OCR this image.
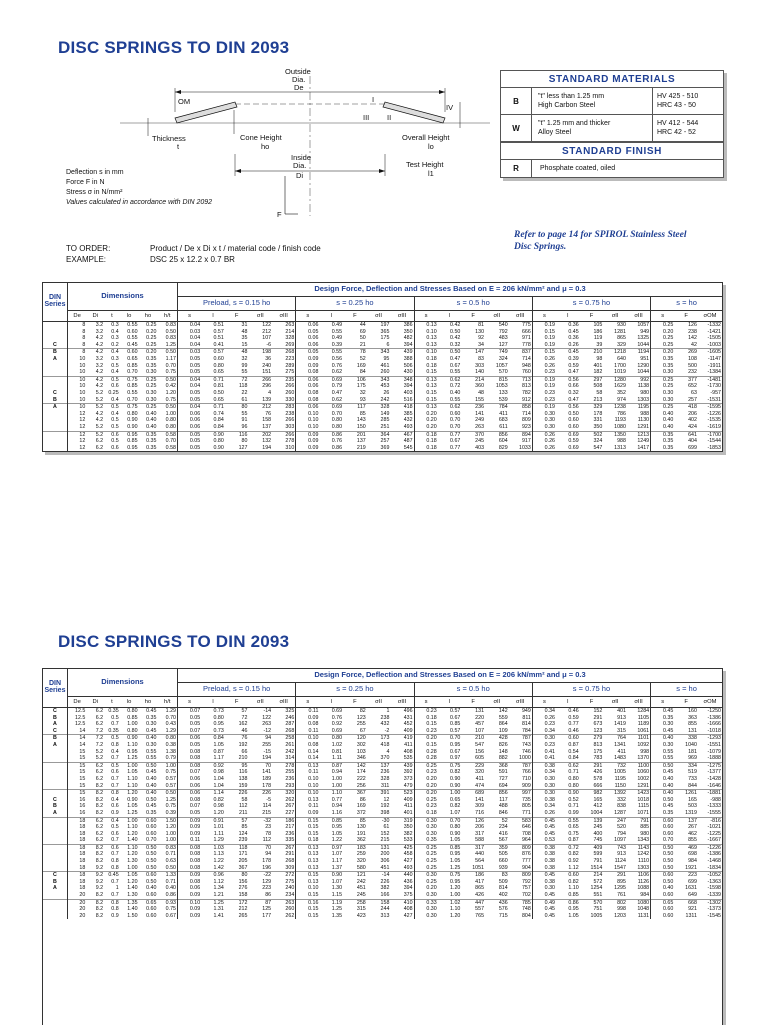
DISC SPRINGS TO DIN 2093
Outside
Dia.
De
OM	I
II
III
IV
Thickness
t
Cone Height
ho
Inside
Dia.
Di
Overall Height
lo
Test Height
l1
F
Deflection s in mm
Force F in N
Stress σ in N/mm²
Values calculated in accordance with DIN 2092
TO ORDER:	Product / De x Di x t / material code / finish code
EXAMPLE:	DSC 25 x 12.2 x 0.7 BR
STANDARD MATERIALS
B	"t" less than 1.25 mm
High Carbon Steel
HV 425 - 510
HRC 43 - 50
W	"t" 1.25 mm and thicker
Alloy Steel
HV 412 - 544
HRC 42 - 52
STANDARD FINISH
R	Phosphate coated, oiled
Refer to page 14 for SPIROL Stainless Steel
Disc Springs.
DIN
Series	Dimensions						Design Force, Deflection and Stresses Based on E = 206 kN/mm² and μ = 0.3																						
							Preload, s = 0.15 ho					s = 0.25 ho					s = 0.5 ho					s = 0.75 ho					s = ho		
	De	Di	t	lo	ho	h/t	s	l	F	σII	σIII	s	l	F	σII	σIII	s	l	F	σII	σIII	s	l	F	σII	σIII	s	F	σOM
	8	3.2	0.3	0.55	0.25	0.83	0.04	0.51	31	122	263	0.06	0.49	44	197	386	0.13	0.42	81	540	775	0.19	0.36	105	930	1057	0.25	126	-1332
	8	3.2	0.4	0.60	0.20	0.50	0.03	0.57	48	212	214	0.05	0.55	69	365	350	0.10	0.50	130	792	666	0.15	0.45	186	1281	949	0.20	238	-1421
	8	4.2	0.3	0.55	0.25	0.83	0.04	0.51	35	107	328	0.06	0.49	50	175	482	0.13	0.42	92	483	971	0.19	0.36	119	865	1325	0.25	142	-1505
C	8	4.2	0.2	0.45	0.25	1.25	0.04	0.41	15	-6	269	0.06	0.39	21	6	394	0.13	0.32	34	127	778	0.19	0.26	39	329	1044	0.25	42	-1003
B	8	4.2	0.4	0.60	0.20	0.50	0.03	0.57	48	198	268	0.05	0.55	78	343	439	0.10	0.50	147	749	837	0.15	0.45	210	1218	1194	0.20	269	-1605
A	10	3.2	0.3	0.65	0.35	1.17	0.05	0.60	32	36	223	0.09	0.56	52	95	388	0.18	0.47	83	324	714	0.26	0.39	98	640	951	0.35	108	-1147
	10	3.2	0.5	0.85	0.35	0.70	0.05	0.80	99	240	289	0.09	0.76	169	461	506	0.18	0.67	303	1057	948	0.26	0.59	401	1700	1290	0.35	500	-1911
	10	4.2	0.4	0.70	0.30	0.75	0.05	0.65	55	151	275	0.08	0.62	84	260	430	0.15	0.55	140	570	760	0.23	0.47	182	1019	1044	0.30	232	-1384
	10	4.2	0.5	0.75	0.25	0.50	0.04	0.71	72	266	235	0.06	0.69	106	343	348	0.13	0.62	214	815	713	0.19	0.56	297	1280	992	0.25	377	-1481
	10	4.2	0.6	0.85	0.25	0.42	0.04	0.81	118	296	266	0.06	0.79	175	453	394	0.13	0.72	360	1053	813	0.19	0.66	508	1629	1138	0.25	652	-1730
C	10	5.2	0.25	0.55	0.30	1.20	0.05	0.50	22	4	260	0.08	0.47	32	26	403	0.15	0.40	48	133	782	0.23	0.32	58	352	980	0.30	63	-957
B	10	5.2	0.4	0.70	0.30	0.75	0.05	0.65	61	139	330	0.08	0.62	93	242	516	0.15	0.55	155	539	912	0.23	0.47	213	974	1303	0.30	257	-1531
A	10	5.2	0.5	0.75	0.25	0.50	0.04	0.71	80	212	283	0.06	0.69	117	328	418	0.13	0.62	236	784	858	0.19	0.56	329	1238	1195	0.25	418	-1595
	12	4.2	0.4	0.80	0.40	1.00	0.06	0.74	55	76	238	0.10	0.70	85	149	385	0.20	0.60	141	411	714	0.30	0.50	178	786	988	0.40	206	-1226
	12	4.2	0.5	0.90	0.40	0.80	0.06	0.84	91	158	266	0.10	0.80	143	285	432	0.20	0.70	249	683	809	0.30	0.60	331	1193	1130	0.40	402	-1535
	12	5.2	0.5	0.90	0.40	0.80	0.06	0.84	96	137	303	0.10	0.80	150	251	493	0.20	0.70	263	611	923	0.30	0.60	350	1080	1291	0.40	424	-1619
	12	5.2	0.6	0.95	0.35	0.58	0.05	0.90	116	202	266	0.09	0.86	201	364	467	0.18	0.77	370	856	894	0.26	0.69	502	1350	1213	0.35	641	-1700
	12	6.2	0.5	0.85	0.35	0.70	0.05	0.80	80	132	278	0.09	0.76	137	257	487	0.18	0.67	245	604	917	0.26	0.59	324	988	1249	0.35	404	-1544
	12	6.2	0.6	0.95	0.35	0.58	0.05	0.90	127	194	310	0.09	0.86	219	369	545	0.18	0.77	403	829	1033	0.26	0.69	547	1313	1417	0.35	699	-1853
DISC SPRINGS TO DIN 2093
DIN
Series	Dimensions						Design Force, Deflection and Stresses Based on E = 206 kN/mm² and μ = 0.3																						
							Preload, s = 0.15 ho					s = 0.25 ho					s = 0.5 ho					s = 0.75 ho					s = ho		
	De	Di	t	lo	ho	h/t	s	l	F	σII	σIII	s	l	F	σII	σIII	s	l	F	σII	σIII	s	l	F	σII	σIII	s	F	σOM
C	12.5	6.2	0.35	0.80	0.45	1.29	0.07	0.73	57	-14	325	0.11	0.69	82	1	496	0.23	0.57	131	142	949	0.34	0.46	152	401	1284	0.45	160	-1250
B	12.5	6.2	0.5	0.85	0.35	0.70	0.05	0.80	72	122	246	0.09	0.76	123	238	431	0.18	0.67	220	559	811	0.26	0.59	291	913	1105	0.35	363	-1386
A	12.5	6.2	0.7	1.00	0.30	0.43	0.05	0.95	162	263	287	0.08	0.92	255	432	452	0.15	0.85	457	864	814	0.23	0.77	673	1419	1189	0.30	855	-1666
C	14	7.2	0.35	0.80	0.45	1.29	0.07	0.73	46	-12	268	0.11	0.69	67	-2	409	0.23	0.57	107	109	784	0.34	0.46	123	315	1061	0.45	131	-1018
B	14	7.2	0.5	0.90	0.40	0.80	0.06	0.84	76	94	258	0.10	0.80	120	173	419	0.20	0.70	210	428	787	0.30	0.60	279	764	1101	0.40	338	-1293
A	14	7.2	0.8	1.10	0.30	0.38	0.05	1.05	192	255	261	0.08	1.02	302	418	411	0.15	0.95	547	826	743	0.23	0.87	813	1341	1092	0.30	1040	-1551
	15	5.2	0.4	0.95	0.55	1.38	0.08	0.87	66	-15	242	0.14	0.81	103	4	408	0.28	0.67	156	148	746	0.41	0.54	175	411	998	0.55	181	-1079
	15	5.2	0.7	1.25	0.55	0.79	0.08	1.17	210	194	314	0.14	1.11	346	370	535	0.28	0.97	605	882	1000	0.41	0.84	783	1483	1370	0.55	969	-1888
	15	6.2	0.5	1.00	0.50	1.00	0.08	0.92	95	70	278	0.13	0.87	142	137	439	0.25	0.75	229	368	787	0.38	0.62	291	732	1100	0.50	334	-1275
	15	6.2	0.6	1.05	0.45	0.75	0.07	0.98	116	141	255	0.11	0.94	174	236	392	0.23	0.82	320	591	766	0.34	0.71	426	1005	1060	0.45	519	-1377
	15	6.2	0.7	1.10	0.40	0.57	0.06	1.04	138	189	236	0.10	1.00	222	328	373	0.20	0.90	411	727	710	0.30	0.80	578	1195	1002	0.40	733	-1428
	15	8.2	0.7	1.10	0.40	0.57	0.06	1.04	159	178	293	0.10	1.00	256	311	479	0.20	0.90	474	694	909	0.30	0.80	666	1150	1291	0.40	844	-1646
	15	8.2	0.8	1.20	0.40	0.50	0.06	1.14	226	226	320	0.10	1.10	367	391	523	0.20	1.00	689	856	997	0.30	0.90	982	1392	1423	0.40	1261	-1881
C	16	8.2	0.4	0.90	0.50	1.25	0.08	0.82	58	-5	262	0.13	0.77	86	12	409	0.25	0.65	141	117	735	0.38	0.52	165	332	1018	0.50	165	-988
B	16	8.2	0.6	1.05	0.45	0.75	0.07	0.98	112	114	267	0.11	0.94	169	192	411	0.23	0.82	309	488	805	0.34	0.71	412	838	1115	0.45	503	-1333
A	16	8.2	0.9	1.25	0.35	0.39	0.05	1.20	211	215	227	0.09	1.16	372	398	401	0.18	1.07	716	846	771	0.26	0.99	1004	1287	1071	0.35	1319	-1555
	18	6.2	0.4	1.00	0.60	1.50	0.09	0.91	57	-32	186	0.15	0.85	85	-30	319	0.30	0.70	126	52	583	0.45	0.55	139	247	791	0.60	137	-816
	18	6.2	0.5	1.10	0.60	1.20	0.09	1.01	85	23	217	0.15	0.95	130	61	350	0.30	0.80	206	234	646	0.45	0.65	245	520	885	0.60	267	-1021
	18	6.2	0.6	1.20	0.60	1.00	0.09	1.11	124	78	236	0.15	1.05	191	152	382	0.30	0.90	317	416	708	0.45	0.75	400	794	980	0.60	462	-1225
	18	6.2	0.7	1.40	0.70	1.00	0.11	1.29	239	112	335	0.18	1.22	362	215	533	0.35	1.05	588	567	964	0.53	0.87	745	1097	1343	0.70	855	-1667
	18	8.2	0.6	1.10	0.50	0.83	0.08	1.03	118	70	267	0.13	0.97	183	131	425	0.25	0.85	317	359	809	0.38	0.72	409	743	1143	0.50	469	-1226
	18	8.2	0.7	1.20	0.50	0.71	0.08	1.13	171	94	291	0.13	1.07	259	200	458	0.25	0.95	440	505	876	0.38	0.82	599	913	1242	0.50	698	-1386
	18	8.2	0.8	1.30	0.50	0.63	0.08	1.22	205	178	268	0.13	1.17	320	306	427	0.25	1.05	564	660	777	0.38	0.92	791	1124	1110	0.50	984	-1468
	18	9.2	0.8	1.00	0.50	0.50	0.08	1.42	367	196	309	0.13	1.37	580	451	493	0.25	1.25	1051	939	904	0.38	1.12	1514	1547	1303	0.50	1921	-1834
C	18	9.2	0.45	1.05	0.60	1.33	0.09	0.96	80	-22	272	0.15	0.90	121	-14	440	0.30	0.75	186	83	809	0.45	0.60	214	291	1106	0.60	223	-1052
B	18	9.2	0.7	1.20	0.50	0.71	0.08	1.12	156	129	275	0.13	1.07	242	226	436	0.25	0.95	417	509	792	0.38	0.82	572	895	1126	0.50	699	-1363
A	18	9.2	1	1.40	0.40	0.40	0.06	1.34	276	223	240	0.10	1.30	451	382	394	0.20	1.20	865	814	757	0.30	1.10	1254	1295	1088	0.40	1631	-1598
	20	8.2	0.7	1.30	0.60	0.86	0.09	1.21	158	86	234	0.15	1.15	245	166	375	0.30	1.00	426	402	702	0.45	0.85	551	761	984	0.60	649	-1339
	20	8.2	0.8	1.35	0.65	0.93	0.10	1.25	172	87	263	0.16	1.19	258	158	410	0.33	1.02	447	436	785	0.49	0.86	570	802	1080	0.65	668	-1302
	20	8.2	0.8	1.40	0.60	0.75	0.09	1.31	212	125	260	0.15	1.25	315	244	408	0.30	1.10	557	576	748	0.45	0.95	751	998	1048	0.60	921	-1373
	20	8.2	0.9	1.50	0.60	0.67	0.09	1.41	265	177	262	0.15	1.35	423	313	427	0.30	1.20	765	715	804	0.45	1.05	1005	1203	1131	0.60	1311	-1545
